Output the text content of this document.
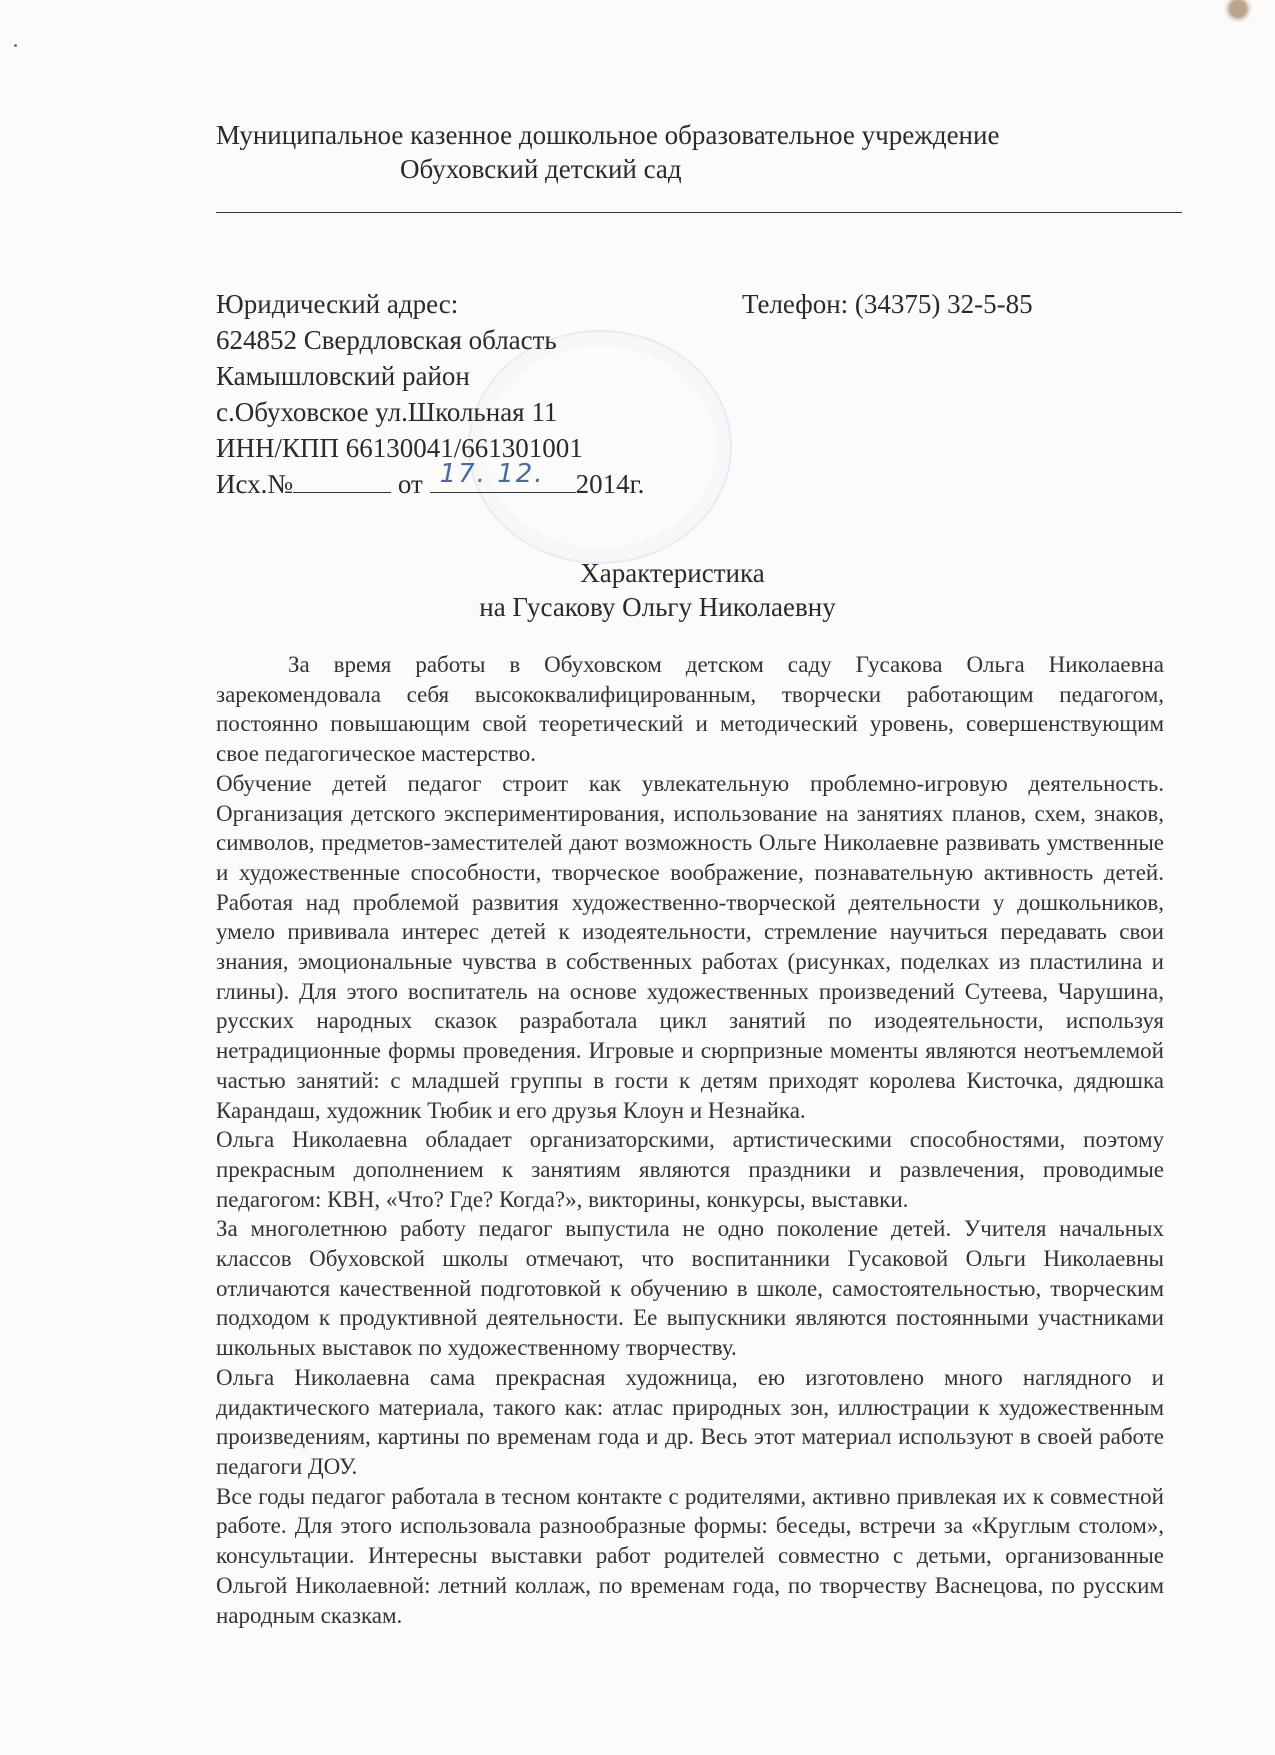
Муниципальное казенное дошкольное образовательное учреждение
Обуховский детский сад
Юридический адрес:
624852 Свердловская область
Камышловский район
с.Обуховское ул.Школьная 11
ИНН/КПП 66130041/661301001
Исх.№	от 17. 12. 2014г.
Телефон: (34375) 32-5-85
Характеристика
на Гусакову Ольгу Николаевну

За время работы в Обуховском детском саду Гусакова Ольга Николаевна зарекомендовала себя высококвалифицированным, творчески работающим педагогом, постоянно повышающим свой теоретический и методический уровень, совершенствующим свое педагогическое мастерство.

Обучение детей педагог строит как увлекательную проблемно-игровую деятельность. Организация детского экспериментирования, использование на занятиях планов, схем, знаков, символов, предметов-заместителей дают возможность Ольге Николаевне развивать умственные и художественные способности, творческое воображение, познавательную активность детей. Работая над проблемой развития художественно-творческой деятельности у дошкольников, умело прививала интерес детей к изодеятельности, стремление научиться передавать свои знания, эмоциональные чувства в собственных работах (рисунках, поделках из пластилина и глины). Для этого воспитатель на основе художественных произведений Сутеева, Чарушина, русских народных сказок разработала цикл занятий по изодеятельности, используя нетрадиционные формы проведения. Игровые и сюрпризные моменты являются неотъемлемой частью занятий: с младшей группы в гости к детям приходят королева Кисточка, дядюшка Карандаш, художник Тюбик и его друзья Клоун и Незнайка.

Ольга Николаевна обладает организаторскими, артистическими способностями, поэтому прекрасным дополнением к занятиям являются праздники и развлечения, проводимые педагогом: КВН, «Что? Где? Когда?», викторины, конкурсы, выставки.

За многолетнюю работу педагог выпустила не одно поколение детей. Учителя начальных классов Обуховской школы отмечают, что воспитанники Гусаковой Ольги Николаевны отличаются качественной подготовкой к обучению в школе, самостоятельностью, творческим подходом к продуктивной деятельности. Ее выпускники являются постоянными участниками школьных выставок по художественному творчеству.

Ольга Николаевна сама прекрасная художница, ею изготовлено много наглядного и дидактического материала, такого как: атлас природных зон, иллюстрации к художественным произведениям, картины по временам года и др. Весь этот материал используют в своей работе педагоги ДОУ.

Все годы педагог работала в тесном контакте с родителями, активно привлекая их к совместной работе. Для этого использовала разнообразные формы: беседы, встречи за «Круглым столом», консультации. Интересны выставки работ родителей совместно с детьми, организованные Ольгой Николаевной: летний коллаж, по временам года, по творчеству Васнецова, по русским народным сказкам.
